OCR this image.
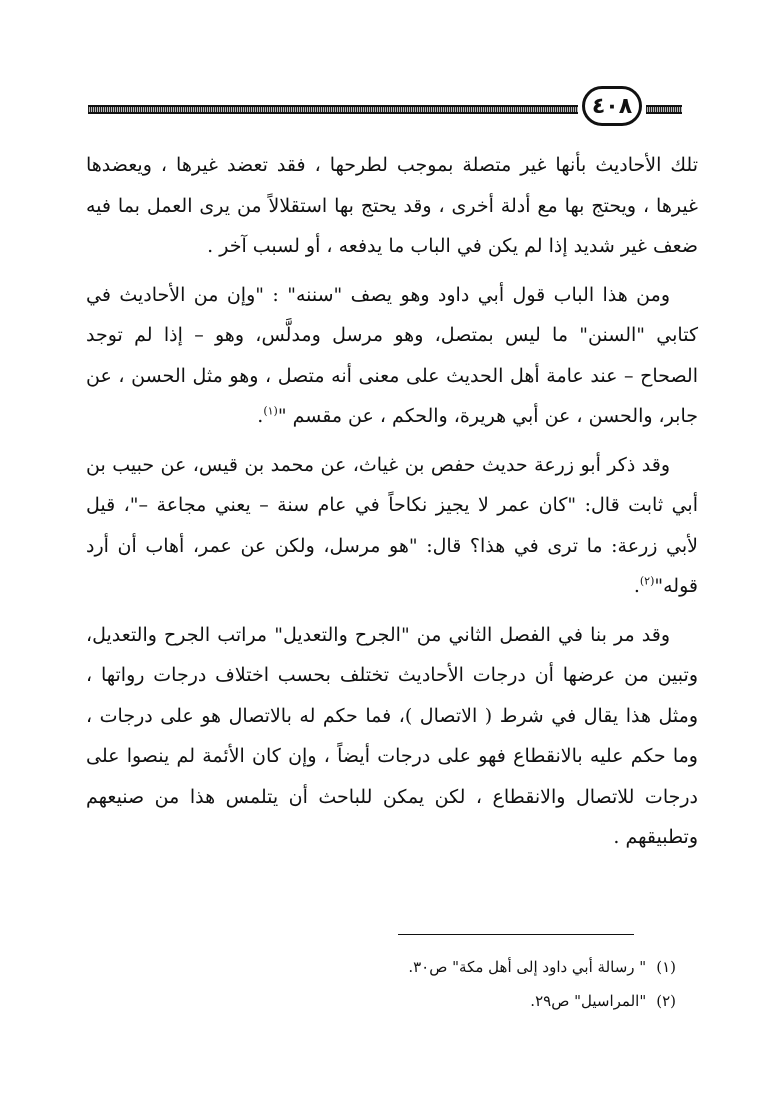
٤٠٨

تلك الأحاديث بأنها غير متصلة بموجب لطرحها ، فقد تعضد غيرها ، ويعضدها غيرها ، ويحتج بها مع أدلة أخرى ، وقد يحتج بها استقلالاً من يرى العمل بما فيه ضعف غير شديد إذا لم يكن في الباب ما يدفعه ، أو لسبب آخر .

ومن هذا الباب قول أبي داود وهو يصف "سننه" : "وإن من الأحاديث في كتابي "السنن" ما ليس بمتصل، وهو مرسل ومدلَّس، وهو – إذا لم توجد الصحاح – عند عامة أهل الحديث على معنى أنه متصل ، وهو مثل الحسن ، عن جابر، والحسن ، عن أبي هريرة، والحكم ، عن مقسم "$^{(١)}$.

وقد ذكر أبو زرعة حديث حفص بن غياث، عن محمد بن قيس، عن حبيب بن أبي ثابت قال: "كان عمر لا يجيز نكاحاً في عام سنة – يعني مجاعة –"، قيل لأبي زرعة: ما ترى في هذا؟ قال: "هو مرسل، ولكن عن عمر، أهاب أن أرد قوله"$^{(٢)}$.

وقد مر بنا في الفصل الثاني من "الجرح والتعديل" مراتب الجرح والتعديل، وتبين من عرضها أن درجات الأحاديث تختلف بحسب اختلاف درجات رواتها ، ومثل هذا يقال في شرط ( الاتصال )، فما حكم له بالاتصال هو على درجات ، وما حكم عليه بالانقطاع فهو على درجات أيضاً ، وإن كان الأئمة لم ينصوا على درجات للاتصال والانقطاع ، لكن يمكن للباحث أن يتلمس هذا من صنيعهم وتطبيقهم .

(١)" رسالة أبي داود إلى أهل مكة" ص٣٠.

(٢)"المراسيل" ص٢٩.
